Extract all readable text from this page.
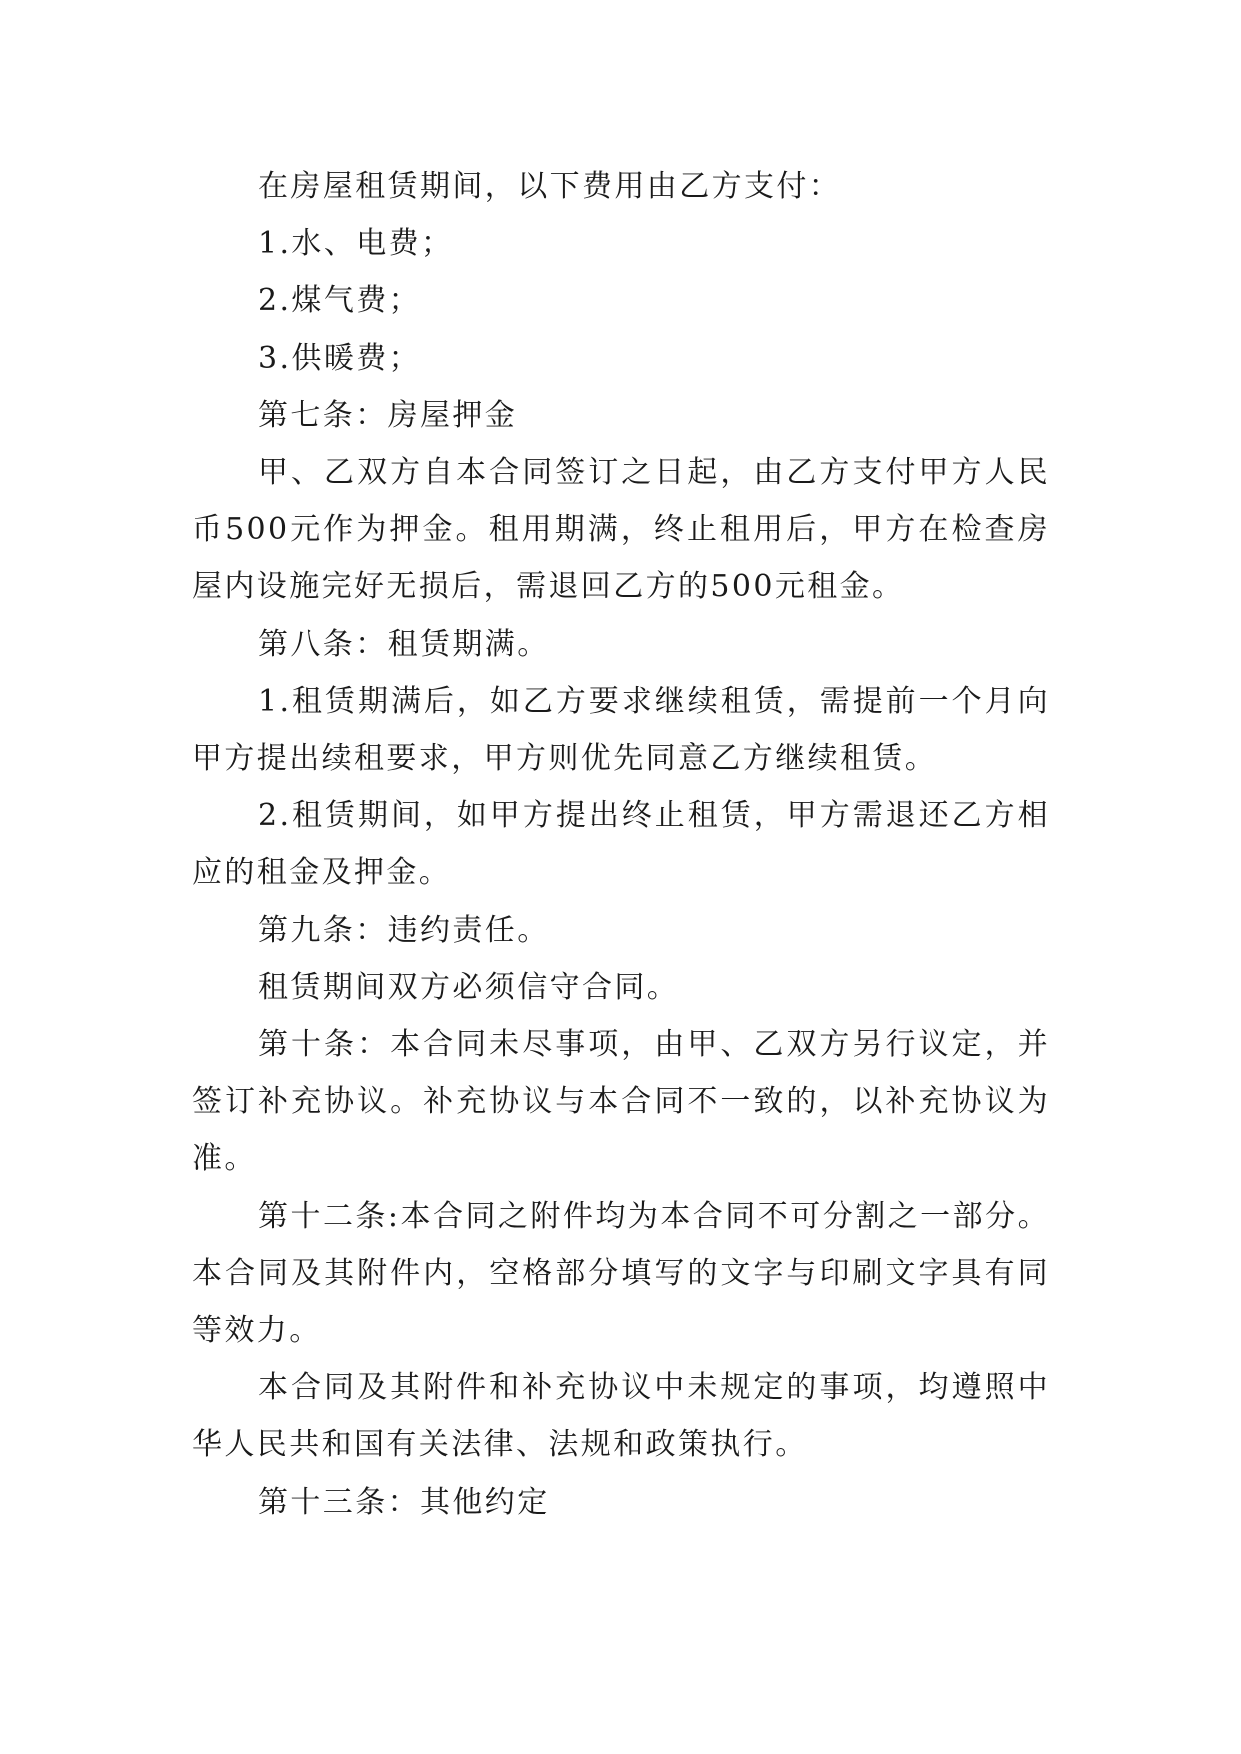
在房屋租赁期间，以下费用由乙方支付：

1.水、电费；

2.煤气费；

3.供暖费；

第七条：房屋押金

甲、乙双方自本合同签订之日起，由乙方支付甲方人民币500元作为押金。租用期满，终止租用后，甲方在检查房屋内设施完好无损后，需退回乙方的500元租金。

第八条：租赁期满。

1.租赁期满后，如乙方要求继续租赁，需提前一个月向甲方提出续租要求，甲方则优先同意乙方继续租赁。

2.租赁期间，如甲方提出终止租赁，甲方需退还乙方相应的租金及押金。

第九条：违约责任。

租赁期间双方必须信守合同。

第十条：本合同未尽事项，由甲、乙双方另行议定，并签订补充协议。补充协议与本合同不一致的，以补充协议为准。

第十二条:本合同之附件均为本合同不可分割之一部分。本合同及其附件内，空格部分填写的文字与印刷文字具有同等效力。

本合同及其附件和补充协议中未规定的事项，均遵照中华人民共和国有关法律、法规和政策执行。

第十三条：其他约定
